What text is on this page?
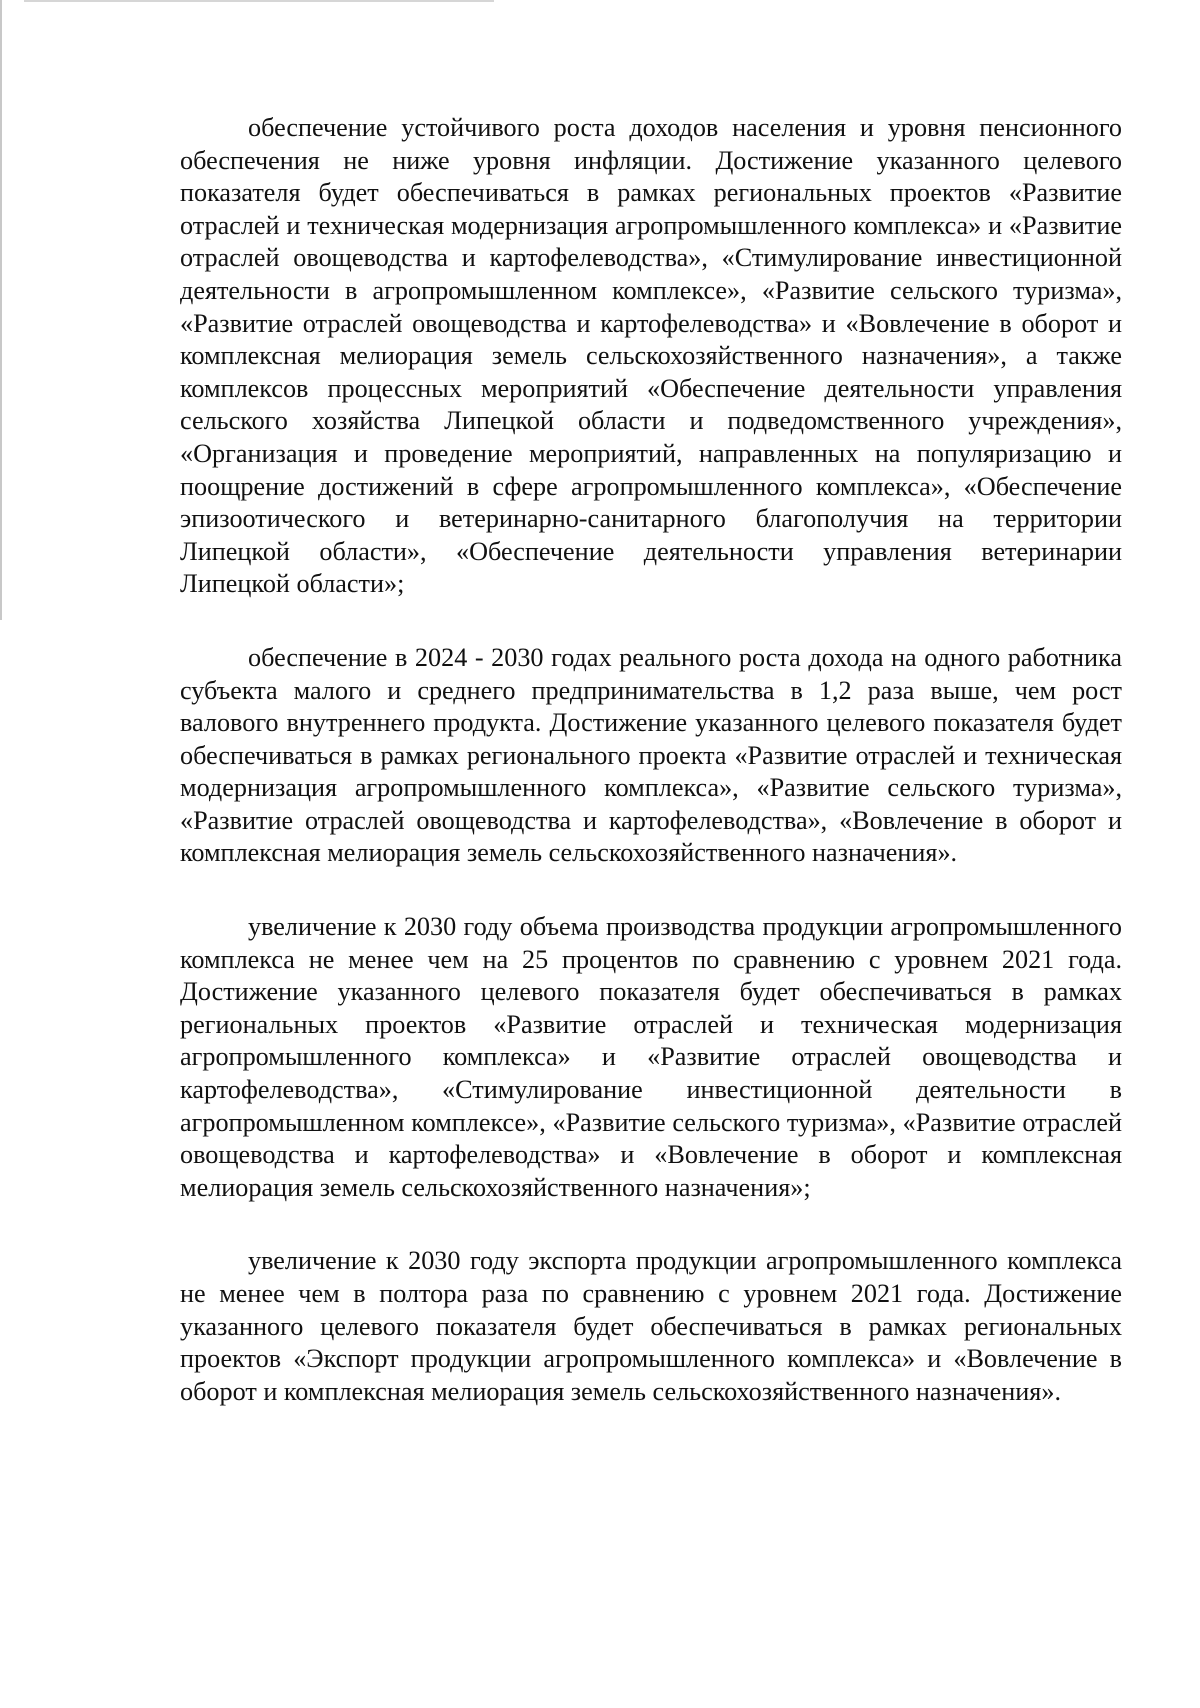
обеспечение устойчивого роста доходов населения и уровня пенсионного обеспечения не ниже уровня инфляции. Достижение указанного целевого показателя будет обеспечиваться в рамках региональных проектов «Развитие отраслей и техническая модернизация агропромышленного комплекса» и «Развитие отраслей овощеводства и картофелеводства», «Стимулирование инвестиционной деятельности в агропромышленном комплексе», «Развитие сельского туризма», «Развитие отраслей овощеводства и картофелеводства» и «Вовлечение в оборот и комплексная мелиорация земель сельскохозяйственного назначения», а также комплексов процессных мероприятий «Обеспечение деятельности управления сельского хозяйства Липецкой области и подведомственного учреждения», «Организация и проведение мероприятий, направленных на популяризацию и поощрение достижений в сфере агропромышленного комплекса», «Обеспечение эпизоотического и ветеринарно-санитарного благополучия на территории Липецкой области», «Обеспечение деятельности управления ветеринарии Липецкой области»;

обеспечение в 2024 - 2030 годах реального роста дохода на одного работника субъекта малого и среднего предпринимательства в 1,2 раза выше, чем рост валового внутреннего продукта. Достижение указанного целевого показателя будет обеспечиваться в рамках регионального проекта «Развитие отраслей и техническая модернизация агропромышленного комплекса», «Развитие сельского туризма», «Развитие отраслей овощеводства и картофелеводства», «Вовлечение в оборот и комплексная мелиорация земель сельскохозяйственного назначения».

увеличение к 2030 году объема производства продукции агропромышленного комплекса не менее чем на 25 процентов по сравнению с уровнем 2021 года. Достижение указанного целевого показателя будет обеспечиваться в рамках региональных проектов «Развитие отраслей и техническая модернизация агропромышленного комплекса» и «Развитие отраслей овощеводства и картофелеводства», «Стимулирование инвестиционной деятельности в агропромышленном комплексе», «Развитие сельского туризма», «Развитие отраслей овощеводства и картофелеводства» и «Вовлечение в оборот и комплексная мелиорация земель сельскохозяйственного назначения»;

увеличение к 2030 году экспорта продукции агропромышленного комплекса не менее чем в полтора раза по сравнению с уровнем 2021 года. Достижение указанного целевого показателя будет обеспечиваться в рамках региональных проектов «Экспорт продукции агропромышленного комплекса» и «Вовлечение в оборот и комплексная мелиорация земель сельскохозяйственного назначения».
